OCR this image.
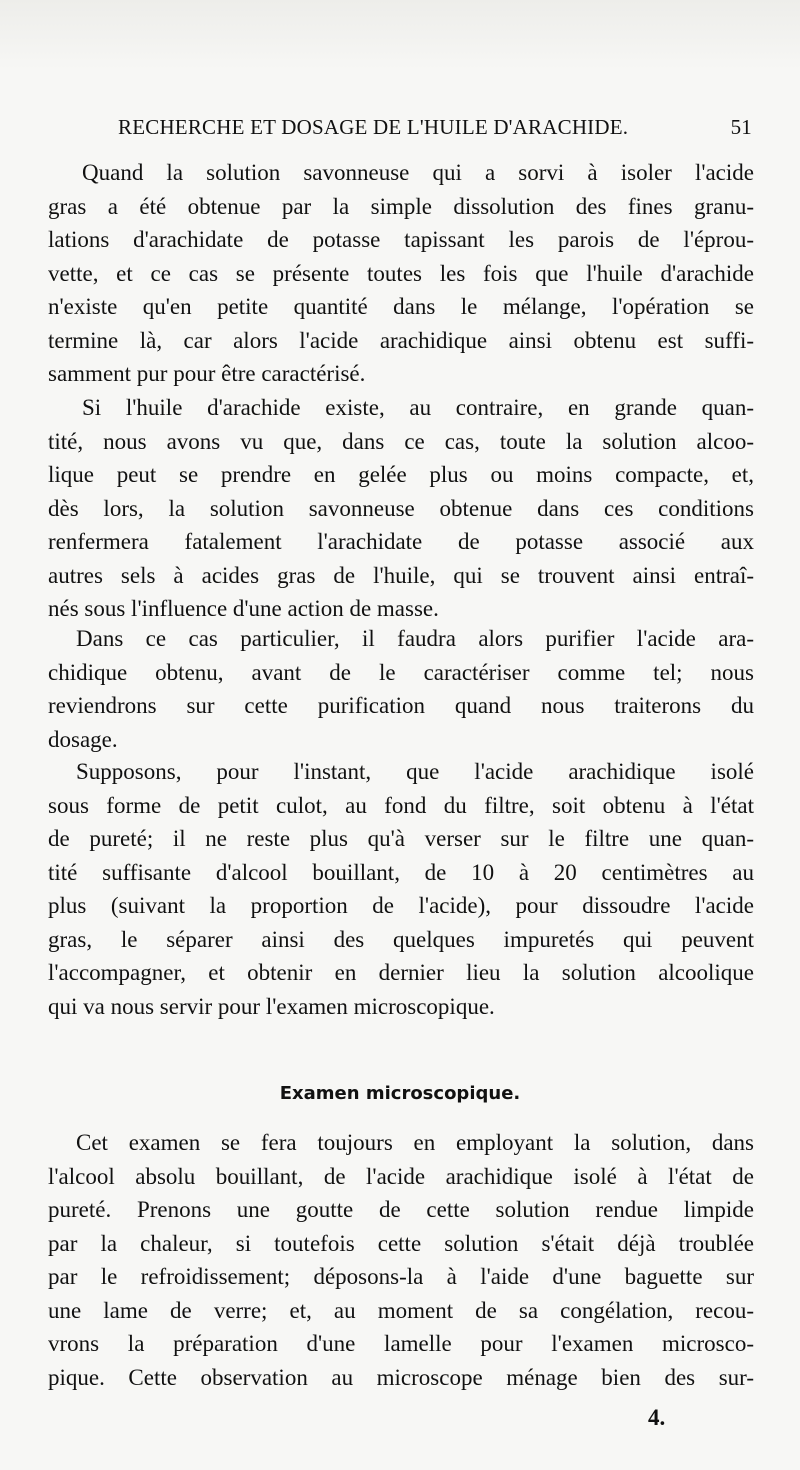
RECHERCHE ET DOSAGE DE L'HUILE D'ARACHIDE.	51

Quand la solution savonneuse qui a sorvi à isoler l'acide
gras a été obtenue par la simple dissolution des fines granu-
lations d'arachidate de potasse tapissant les parois de l'éprou-
vette, et ce cas se présente toutes les fois que l'huile d'arachide
n'existe qu'en petite quantité dans le mélange, l'opération se
termine là, car alors l'acide arachidique ainsi obtenu est suffi-
samment pur pour être caractérisé.

Si l'huile d'arachide existe, au contraire, en grande quan-
tité, nous avons vu que, dans ce cas, toute la solution alcoo-
lique peut se prendre en gelée plus ou moins compacte, et,
dès lors, la solution savonneuse obtenue dans ces conditions
renfermera fatalement l'arachidate de potasse associé aux
autres sels à acides gras de l'huile, qui se trouvent ainsi entraî-
nés sous l'influence d'une action de masse.

Dans ce cas particulier, il faudra alors purifier l'acide ara-
chidique obtenu, avant de le caractériser comme tel; nous
reviendrons sur cette purification quand nous traiterons du
dosage.

Supposons, pour l'instant, que l'acide arachidique isolé
sous forme de petit culot, au fond du filtre, soit obtenu à l'état
de pureté; il ne reste plus qu'à verser sur le filtre une quan-
tité suffisante d'alcool bouillant, de 10 à 20 centimètres au
plus (suivant la proportion de l'acide), pour dissoudre l'acide
gras, le séparer ainsi des quelques impuretés qui peuvent
l'accompagner, et obtenir en dernier lieu la solution alcoolique
qui va nous servir pour l'examen microscopique.

Examen microscopique.

Cet examen se fera toujours en employant la solution, dans
l'alcool absolu bouillant, de l'acide arachidique isolé à l'état de
pureté. Prenons une goutte de cette solution rendue limpide
par la chaleur, si toutefois cette solution s'était déjà troublée
par le refroidissement; déposons-la à l'aide d'une baguette sur
une lame de verre; et, au moment de sa congélation, recou-
vrons la préparation d'une lamelle pour l'examen microsco-
pique. Cette observation au microscope ménage bien des sur-

4.
